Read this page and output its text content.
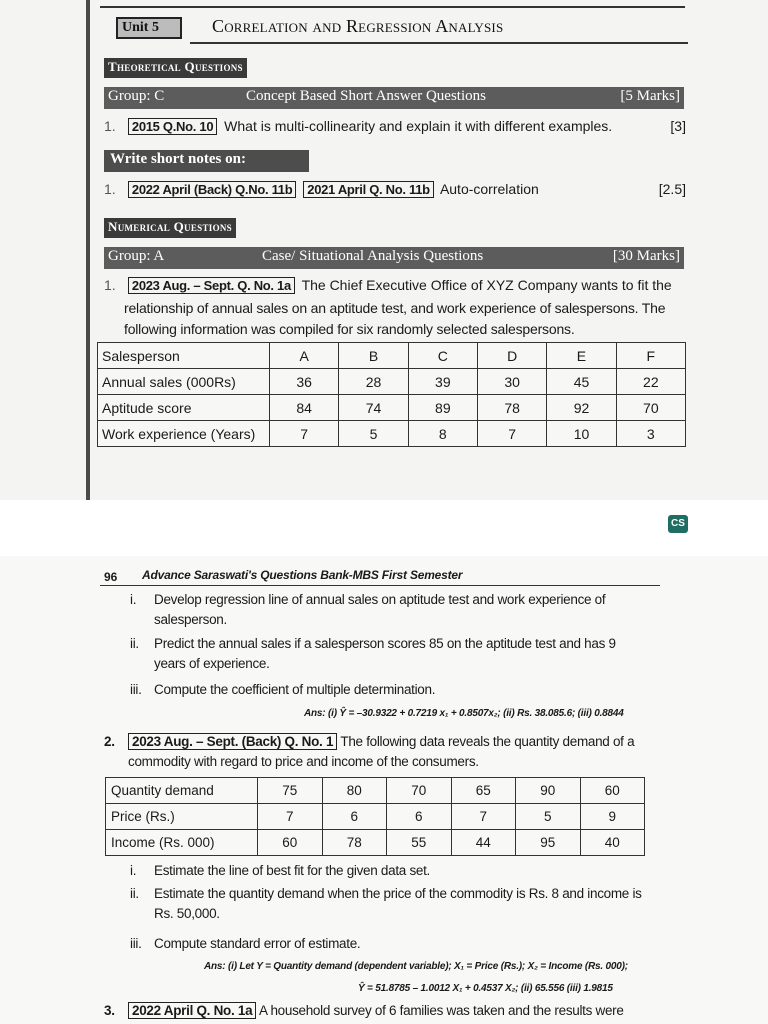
Unit 5	Correlation and Regression Analysis
Theoretical Questions
Group: C	Concept Based Short Answer Questions	[5 Marks]
1. 2015 Q.No. 10 What is multi-collinearity and explain it with different examples.	[3]
Write short notes on:
1. 2022 April (Back) Q.No. 11b 2021 April Q. No. 11b Auto-correlation	[2.5]
Numerical Questions
Group: A	Case/ Situational Analysis Questions	[30 Marks]
1. 2023 Aug. – Sept. Q. No. 1a The Chief Executive Office of XYZ Company wants to fit the
relationship of annual sales on an aptitude test, and work experience of salespersons. The
following information was compiled for six randomly selected salespersons.
Salesperson	A	B	C	D	E	F
Annual sales (000Rs)	36	28	39	30	45	22
Aptitude score	84	74	89	78	92	70
Work experience (Years)	7	5	8	7	10	3
CS
96 Advance Saraswati's Questions Bank-MBS First Semester
i. Develop regression line of annual sales on aptitude test and work experience of
salesperson.
ii. Predict the annual sales if a salesperson scores 85 on the aptitude test and has 9
years of experience.
iii. Compute the coefficient of multiple determination.
Ans: (i) Ŷ = –30.9322 + 0.7219 x₁ + 0.8507x₂; (ii) Rs. 38.085.6; (iii) 0.8844
2. 2023 Aug. – Sept. (Back) Q. No. 1 The following data reveals the quantity demand of a
commodity with regard to price and income of the consumers.
Quantity demand	75	80	70	65	90	60
Price (Rs.)	7	6	6	7	5	9
Income (Rs. 000)	60	78	55	44	95	40
i. Estimate the line of best fit for the given data set.
ii. Estimate the quantity demand when the price of the commodity is Rs. 8 and income is
Rs. 50,000.
iii. Compute standard error of estimate.
Ans: (i) Let Y = Quantity demand (dependent variable); X₁ = Price (Rs.); X₂ = Income (Rs. 000);
Ŷ = 51.8785 – 1.0012 X₁ + 0.4537 X₂; (ii) 65.556 (iii) 1.9815
3. 2022 April Q. No. 1a A household survey of 6 families was taken and the results were
